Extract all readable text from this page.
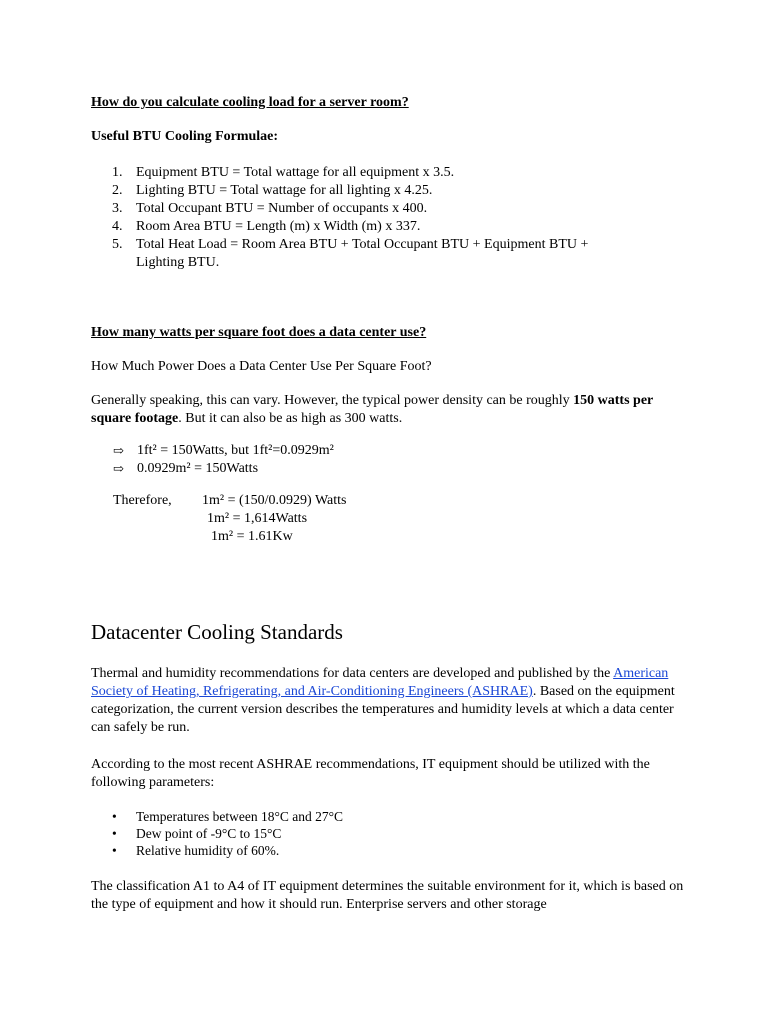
How do you calculate cooling load for a server room?

Useful BTU Cooling Formulae:

1. Equipment BTU = Total wattage for all equipment x 3.5.
2. Lighting BTU = Total wattage for all lighting x 4.25.
3. Total Occupant BTU = Number of occupants x 400.
4. Room Area BTU = Length (m) x Width (m) x 337.
5. Total Heat Load = Room Area BTU + Total Occupant BTU + Equipment BTU + Lighting BTU.

How many watts per square foot does a data center use?

How Much Power Does a Data Center Use Per Square Foot?

Generally speaking, this can vary. However, the typical power density can be roughly 150 watts per square footage. But it can also be as high as 300 watts.

⇨ 1ft² = 150Watts, but 1ft²=0.0929m²
⇨ 0.0929m² = 150Watts
Therefore, 1m² = (150/0.0929) Watts
1m² = 1,614Watts
1m² = 1.61Kw
Datacenter Cooling Standards

Thermal and humidity recommendations for data centers are developed and published by the American Society of Heating, Refrigerating, and Air-Conditioning Engineers (ASHRAE). Based on the equipment categorization, the current version describes the temperatures and humidity levels at which a data center can safely be run.

According to the most recent ASHRAE recommendations, IT equipment should be utilized with the following parameters:

• Temperatures between 18°C and 27°C
• Dew point of -9°C to 15°C
• Relative humidity of 60%.

The classification A1 to A4 of IT equipment determines the suitable environment for it, which is based on the type of equipment and how it should run. Enterprise servers and other storage
